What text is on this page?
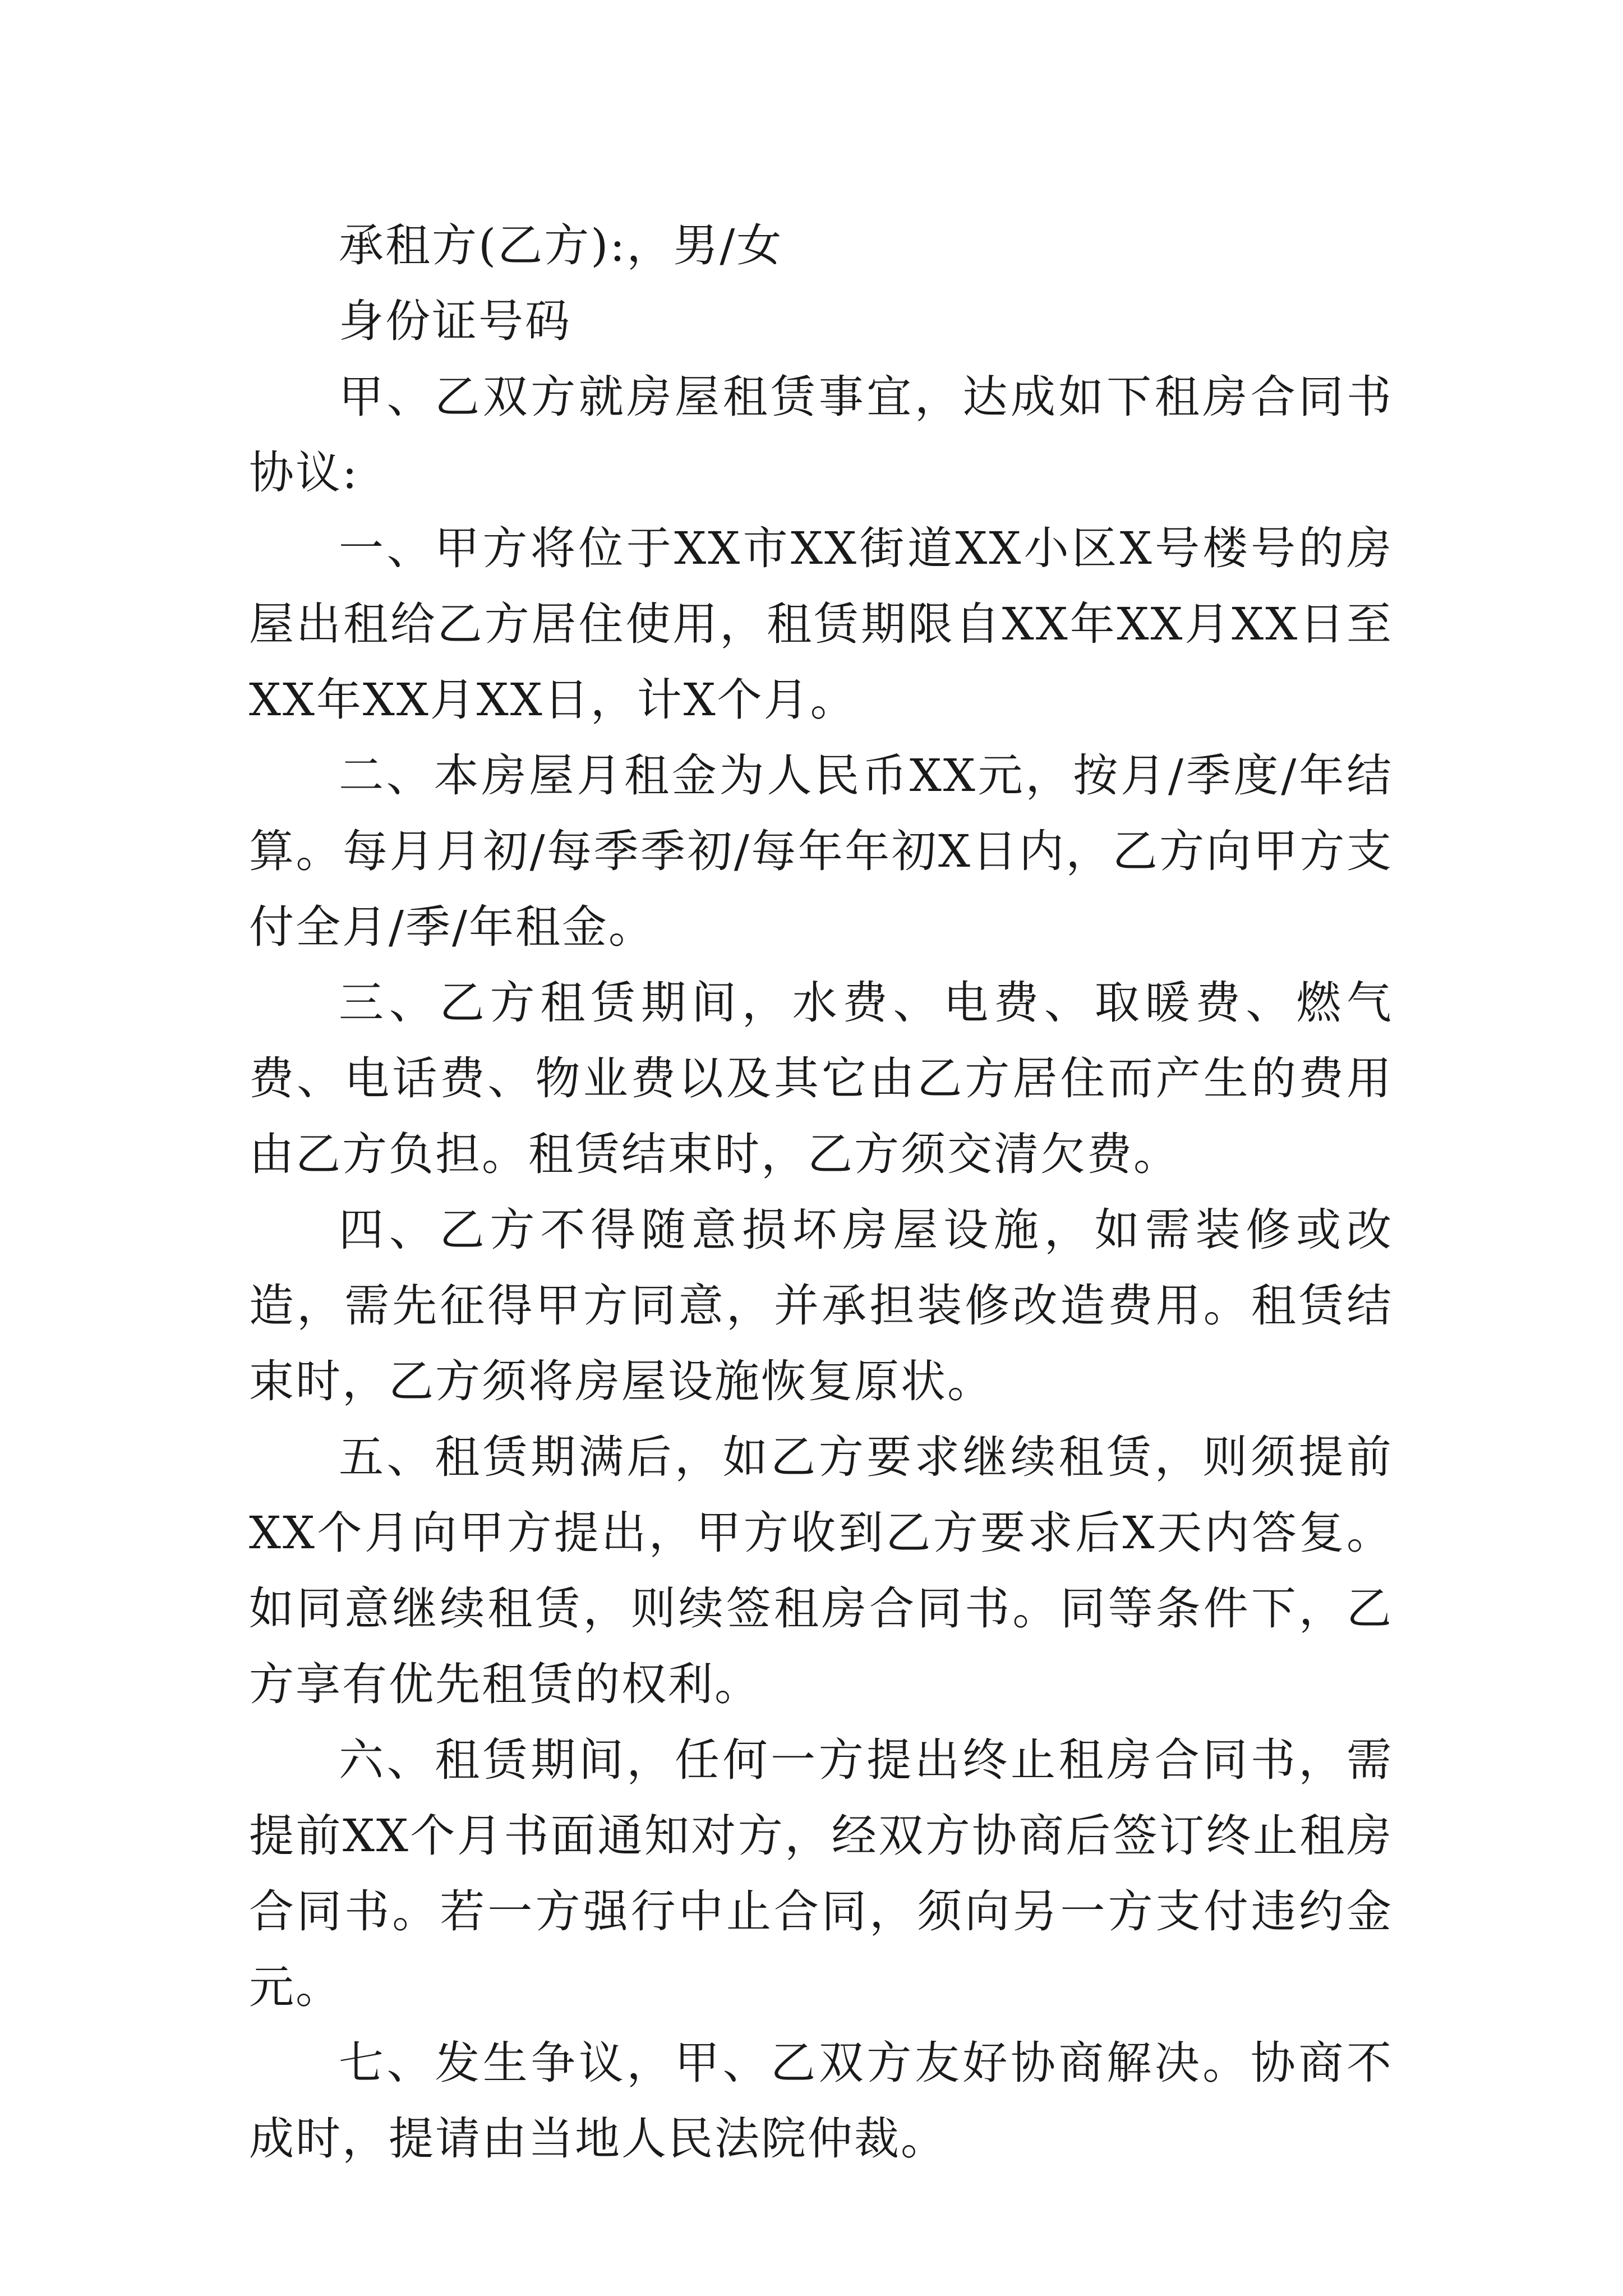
承租方(乙方):，男/女

身份证号码

甲、乙双方就房屋租赁事宜，达成如下租房合同书协议:

一、甲方将位于XX市XX街道XX小区X号楼号的房屋出租给乙方居住使用，租赁期限自XX年XX月XX日至XX年XX月XX日，计X个月。

二、本房屋月租金为人民币XX元，按月/季度/年结算。每月月初/每季季初/每年年初X日内，乙方向甲方支付全月/季/年租金。

三、乙方租赁期间，水费、电费、取暖费、燃气费、电话费、物业费以及其它由乙方居住而产生的费用由乙方负担。租赁结束时，乙方须交清欠费。

四、乙方不得随意损坏房屋设施，如需装修或改造，需先征得甲方同意，并承担装修改造费用。租赁结束时，乙方须将房屋设施恢复原状。

五、租赁期满后，如乙方要求继续租赁，则须提前XX个月向甲方提出，甲方收到乙方要求后X天内答复。如同意继续租赁，则续签租房合同书。同等条件下，乙方享有优先租赁的权利。

六、租赁期间，任何一方提出终止租房合同书，需提前XX个月书面通知对方，经双方协商后签订终止租房合同书。若一方强行中止合同，须向另一方支付违约金 元。

七、发生争议，甲、乙双方友好协商解决。协商不成时，提请由当地人民法院仲裁。
